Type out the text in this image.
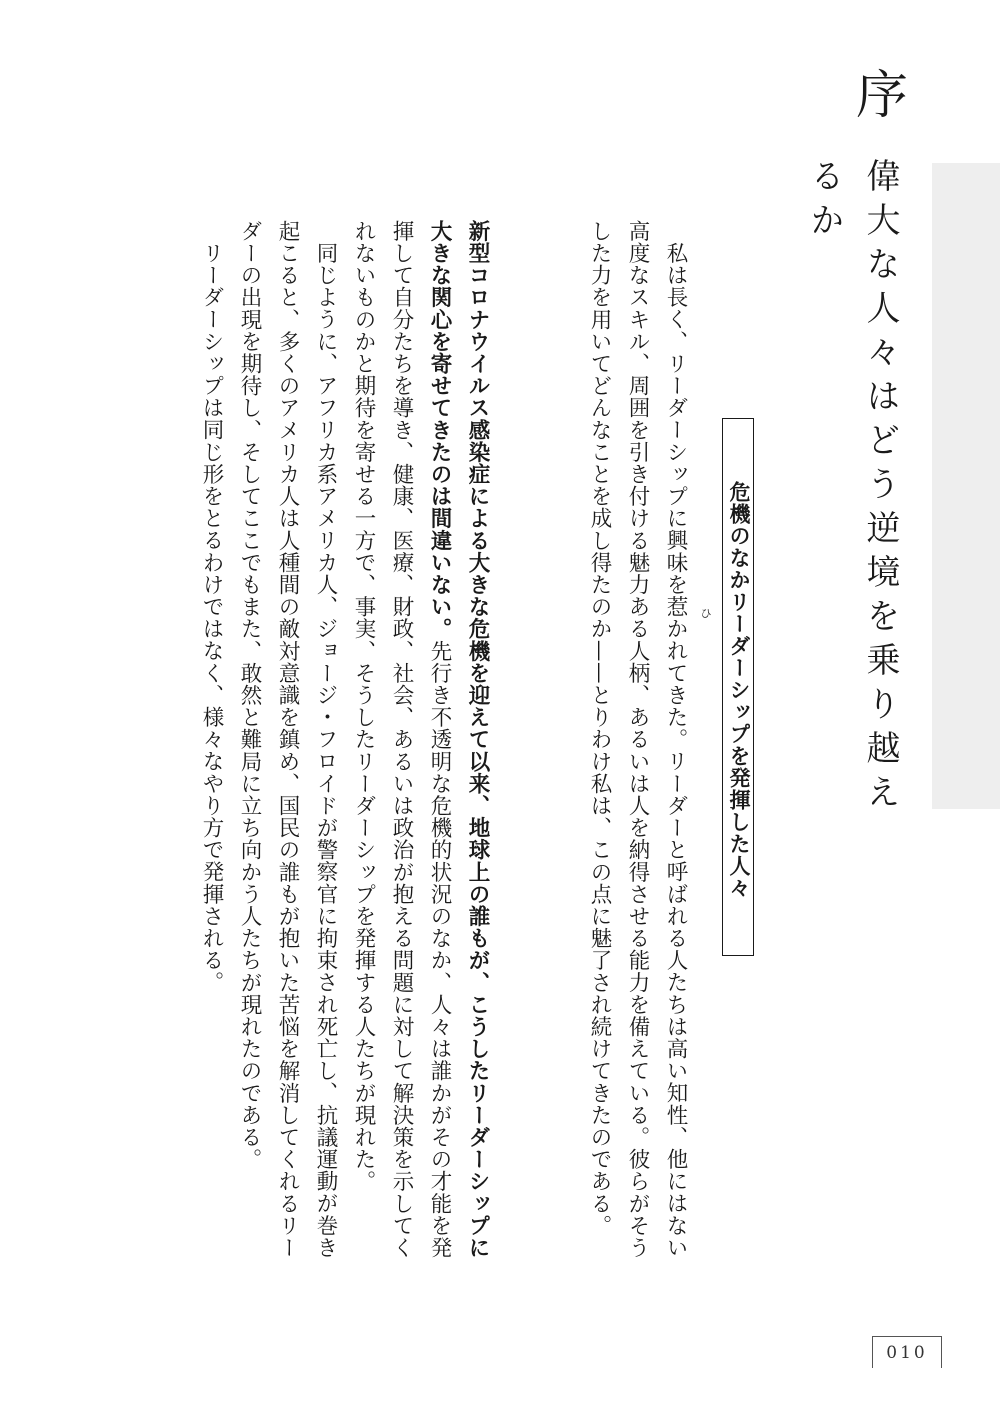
序
偉大な人々はどう逆境を乗り越えるか

私は長く、リーダーシップに興味を惹かれてきた。リーダーと呼ばれる人たちは高い知性、他にはない高度なスキル、周囲を引き付ける魅力ある人柄、あるいは人を納得させる能力を備えている。彼らがそうした力を用いてどんなことを成し得たのか——とりわけ私は、この点に魅了され続けてきたのである。	ひ 危機のなかリーダーシップを発揮した人々

新型コロナウイルス感染症による大きな危機を迎えて以来、地球上の誰もが、こうしたリーダーシップに大きな関心を寄せてきたのは間違いない。先行き不透明な危機的状況のなか、人々は誰かがその才能を発揮して自分たちを導き、健康、医療、財政、社会、あるいは政治が抱える問題に対して解決策を示してくれないものかと期待を寄せる一方で、事実、そうしたリーダーシップを発揮する人たちが現れた。

同じように、アフリカ系アメリカ人、ジョージ・フロイドが警察官に拘束され死亡し、抗議運動が巻き起こると、多くのアメリカ人は人種間の敵対意識を鎮め、国民の誰もが抱いた苦悩を解消してくれるリーダーの出現を期待し、そしてここでもまた、敢然と難局に立ち向かう人たちが現れたのである。

リーダーシップは同じ形をとるわけではなく、様々なやり方で発揮される。

010
